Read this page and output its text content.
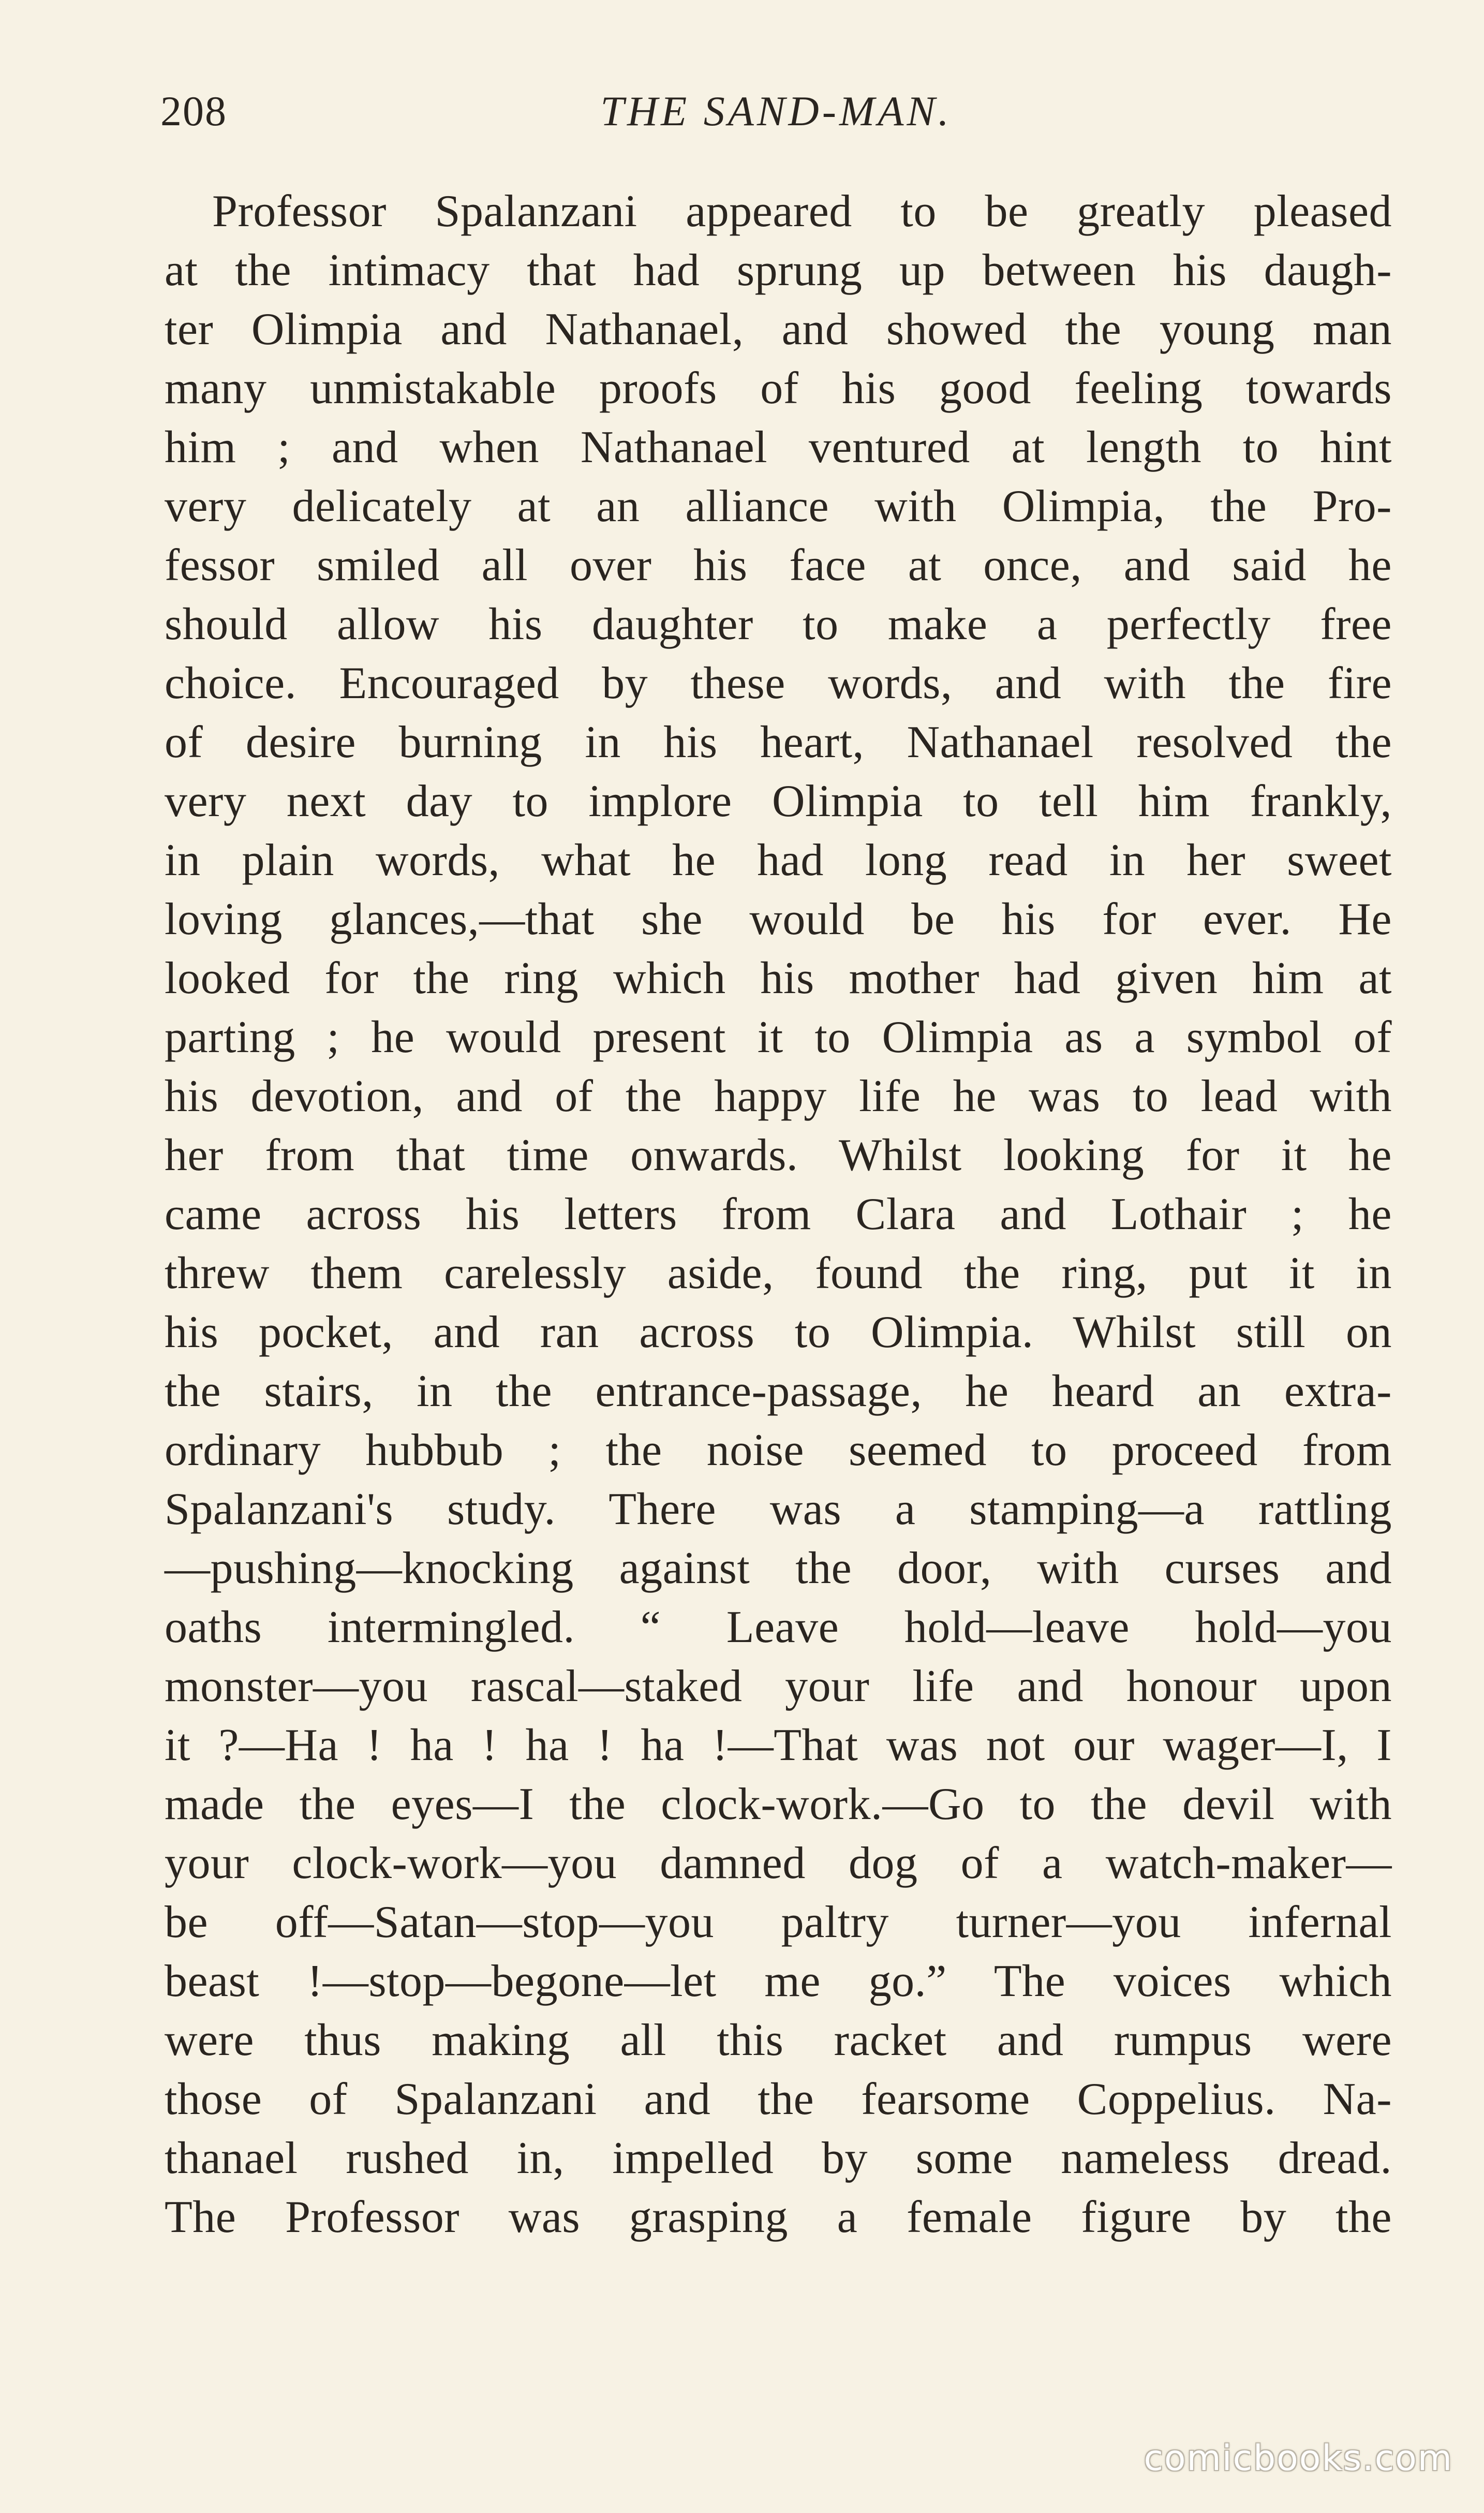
208	THE SAND-MAN.
Professor Spalanzani appeared to be greatly pleased
at the intimacy that had sprung up between his daugh-
ter Olimpia and Nathanael, and showed the young man
many unmistakable proofs of his good feeling towards
him ; and when Nathanael ventured at length to hint
very delicately at an alliance with Olimpia, the Pro-
fessor smiled all over his face at once, and said he
should allow his daughter to make a perfectly free
choice. Encouraged by these words, and with the fire
of desire burning in his heart, Nathanael resolved the
very next day to implore Olimpia to tell him frankly,
in plain words, what he had long read in her sweet
loving glances,—that she would be his for ever. He
looked for the ring which his mother had given him at
parting ; he would present it to Olimpia as a symbol of
his devotion, and of the happy life he was to lead with
her from that time onwards. Whilst looking for it he
came across his letters from Clara and Lothair ; he
threw them carelessly aside, found the ring, put it in
his pocket, and ran across to Olimpia. Whilst still on
the stairs, in the entrance-passage, he heard an extra-
ordinary hubbub ; the noise seemed to proceed from
Spalanzani's study. There was a stamping—a rattling
—pushing—knocking against the door, with curses and
oaths intermingled. “ Leave hold—leave hold—you
monster—you rascal—staked your life and honour upon
it ?—Ha ! ha ! ha ! ha !—That was not our wager—I, I
made the eyes—I the clock-work.—Go to the devil with
your clock-work—you damned dog of a watch-maker—
be off—Satan—stop—you paltry turner—you infernal
beast !—stop—begone—let me go.” The voices which
were thus making all this racket and rumpus were
those of Spalanzani and the fearsome Coppelius. Na-
thanael rushed in, impelled by some nameless dread.
The Professor was grasping a female figure by the
comicbooks.com
